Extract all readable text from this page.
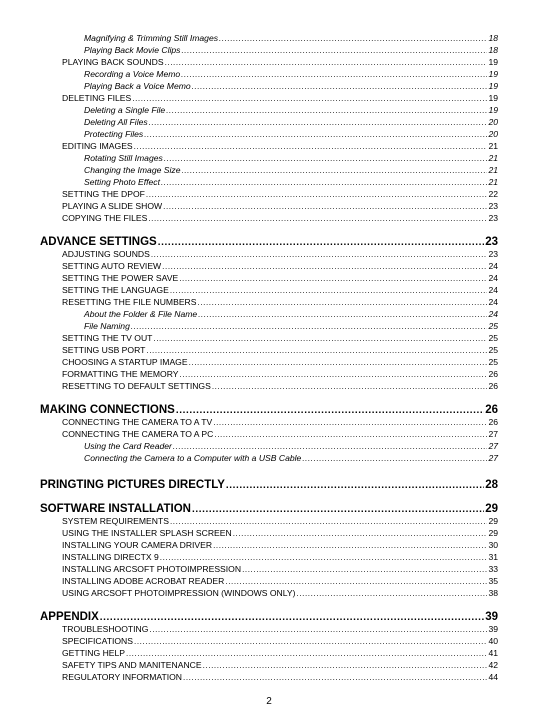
Magnifying & Trimming Still Images .....	18
Playing Back Movie Clips .....	18
PLAYING BACK SOUNDS .....	19
Recording a Voice Memo .....	19
Playing Back a Voice Memo .....	19
DELETING FILES .....	19
Deleting a Single File .....	19
Deleting All Files .....	20
Protecting Files .....	20
EDITING IMAGES .....	21
Rotating Still Images .....	21
Changing the Image Size .....	21
Setting Photo Effect .....	21
SETTING THE DPOF .....	22
PLAYING A SLIDE SHOW .....	23
COPYING THE FILES .....	23
ADVANCE SETTINGS .....	23
ADJUSTING SOUNDS .....	23
SETTING AUTO REVIEW .....	24
SETTING THE POWER SAVE .....	24
SETTING THE LANGUAGE .....	24
RESETTING THE FILE NUMBERS .....	24
About the Folder & File Name .....	24
File Naming .....	25
SETTING THE TV OUT .....	25
SETTING USB PORT .....	25
CHOOSING A STARTUP IMAGE .....	25
FORMATTING THE MEMORY .....	26
RESETTING TO DEFAULT SETTINGS .....	26
MAKING CONNECTIONS .....	26
CONNECTING THE CAMERA TO A TV .....	26
CONNECTING THE CAMERA TO A PC .....	27
Using the Card Reader .....	27
Connecting the Camera to a Computer with a USB Cable .....	27
PRINGTING PICTURES DIRECTLY .....	28
SOFTWARE INSTALLATION .....	29
SYSTEM REQUIREMENTS .....	29
USING THE INSTALLER SPLASH SCREEN .....	29
INSTALLING YOUR CAMERA DRIVER .....	30
INSTALLING DIRECTX 9 .....	31
INSTALLING ARCSOFT PHOTOIMPRESSION .....	33
INSTALLING ADOBE ACROBAT READER .....	35
USING ARCSOFT PHOTOIMPRESSION (WINDOWS ONLY) .....	38
APPENDIX .....	39
TROUBLESHOOTING .....	39
SPECIFICATIONS .....	40
GETTING HELP .....	41
SAFETY TIPS AND MANITENANCE .....	42
REGULATORY INFORMATION .....	44
2
